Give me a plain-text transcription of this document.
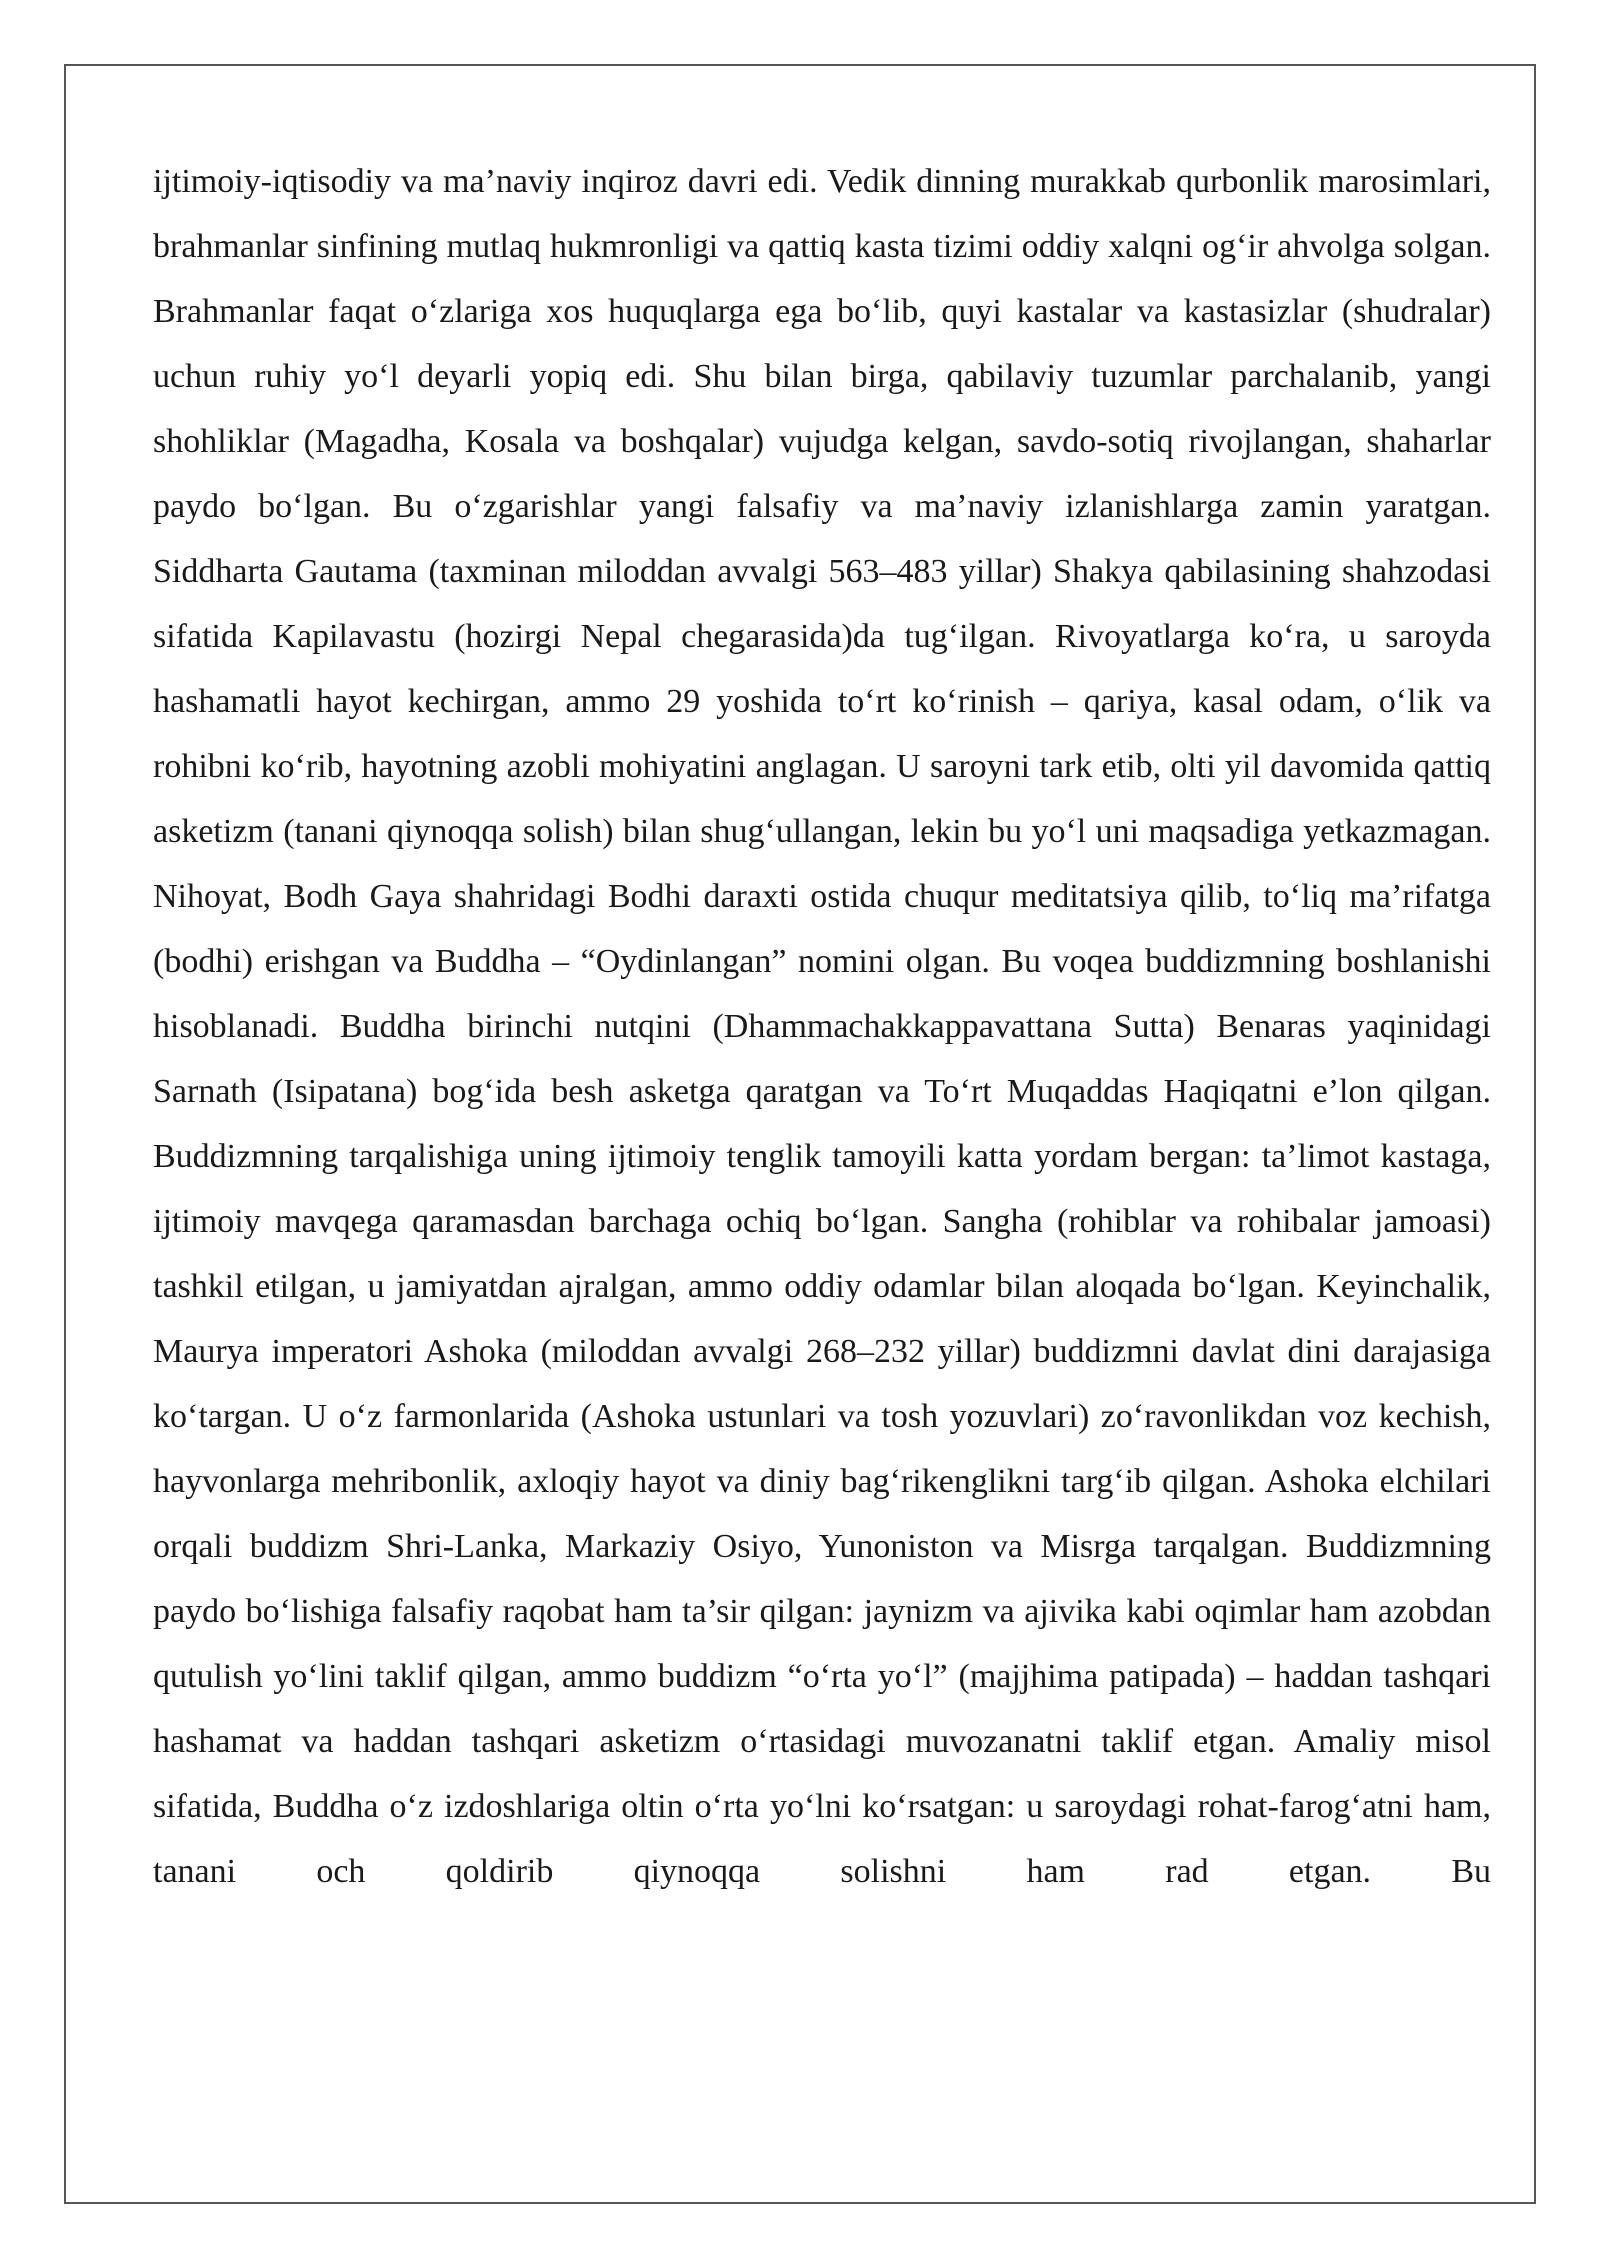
ijtimoiy-iqtisodiy va ma’naviy inqiroz davri edi. Vedik dinning murakkab qurbonlik marosimlari, brahmanlar sinfining mutlaq hukmronligi va qattiq kasta tizimi oddiy xalqni og‘ir ahvolga solgan. Brahmanlar faqat o‘zlariga xos huquqlarga ega bo‘lib, quyi kastalar va kastasizlar (shudralar) uchun ruhiy yo‘l deyarli yopiq edi. Shu bilan birga, qabilaviy tuzumlar parchalanib, yangi shohliklar (Magadha, Kosala va boshqalar) vujudga kelgan, savdo-sotiq rivojlangan, shaharlar paydo bo‘lgan. Bu o‘zgarishlar yangi falsafiy va ma’naviy izlanishlarga zamin yaratgan. Siddharta Gautama (taxminan miloddan avvalgi 563–483 yillar) Shakya qabilasining shahzodasi sifatida Kapilavastu (hozirgi Nepal chegarasida)da tug‘ilgan. Rivoyatlarga ko‘ra, u saroyda hashamatli hayot kechirgan, ammo 29 yoshida to‘rt ko‘rinish – qariya, kasal odam, o‘lik va rohibni ko‘rib, hayotning azobli mohiyatini anglagan. U saroyni tark etib, olti yil davomida qattiq asketizm (tanani qiynoqqa solish) bilan shug‘ullangan, lekin bu yo‘l uni maqsadiga yetkazmagan. Nihoyat, Bodh Gaya shahridagi Bodhi daraxti ostida chuqur meditatsiya qilib, to‘liq ma’rifatga (bodhi) erishgan va Buddha – “Oydinlangan” nomini olgan. Bu voqea buddizmning boshlanishi hisoblanadi. Buddha birinchi nutqini (Dhammachakkappavattana Sutta) Benaras yaqinidagi Sarnath (Isipatana) bog‘ida besh asketga qaratgan va To‘rt Muqaddas Haqiqatni e’lon qilgan. Buddizmning tarqalishiga uning ijtimoiy tenglik tamoyili katta yordam bergan: ta’limot kastaga, ijtimoiy mavqega qaramasdan barchaga ochiq bo‘lgan. Sangha (rohiblar va rohibalar jamoasi) tashkil etilgan, u jamiyatdan ajralgan, ammo oddiy odamlar bilan aloqada bo‘lgan. Keyinchalik, Maurya imperatori Ashoka (miloddan avvalgi 268–232 yillar) buddizmni davlat dini darajasiga ko‘targan. U o‘z farmonlarida (Ashoka ustunlari va tosh yozuvlari) zo‘ravonlikdan voz kechish, hayvonlarga mehribonlik, axloqiy hayot va diniy bag‘rikenglikni targ‘ib qilgan. Ashoka elchilari orqali buddizm Shri-Lanka, Markaziy Osiyo, Yunoniston va Misrga tarqalgan. Buddizmning paydo bo‘lishiga falsafiy raqobat ham ta’sir qilgan: jaynizm va ajivika kabi oqimlar ham azobdan qutulish yo‘lini taklif qilgan, ammo buddizm “o‘rta yo‘l” (majjhima patipada) – haddan tashqari hashamat va haddan tashqari asketizm o‘rtasidagi muvozanatni taklif etgan. Amaliy misol sifatida, Buddha o‘z izdoshlariga oltin o‘rta yo‘lni ko‘rsatgan: u saroydagi rohat-farog‘atni ham, tanani och qoldirib qiynoqqa solishni ham rad etgan. Bu
